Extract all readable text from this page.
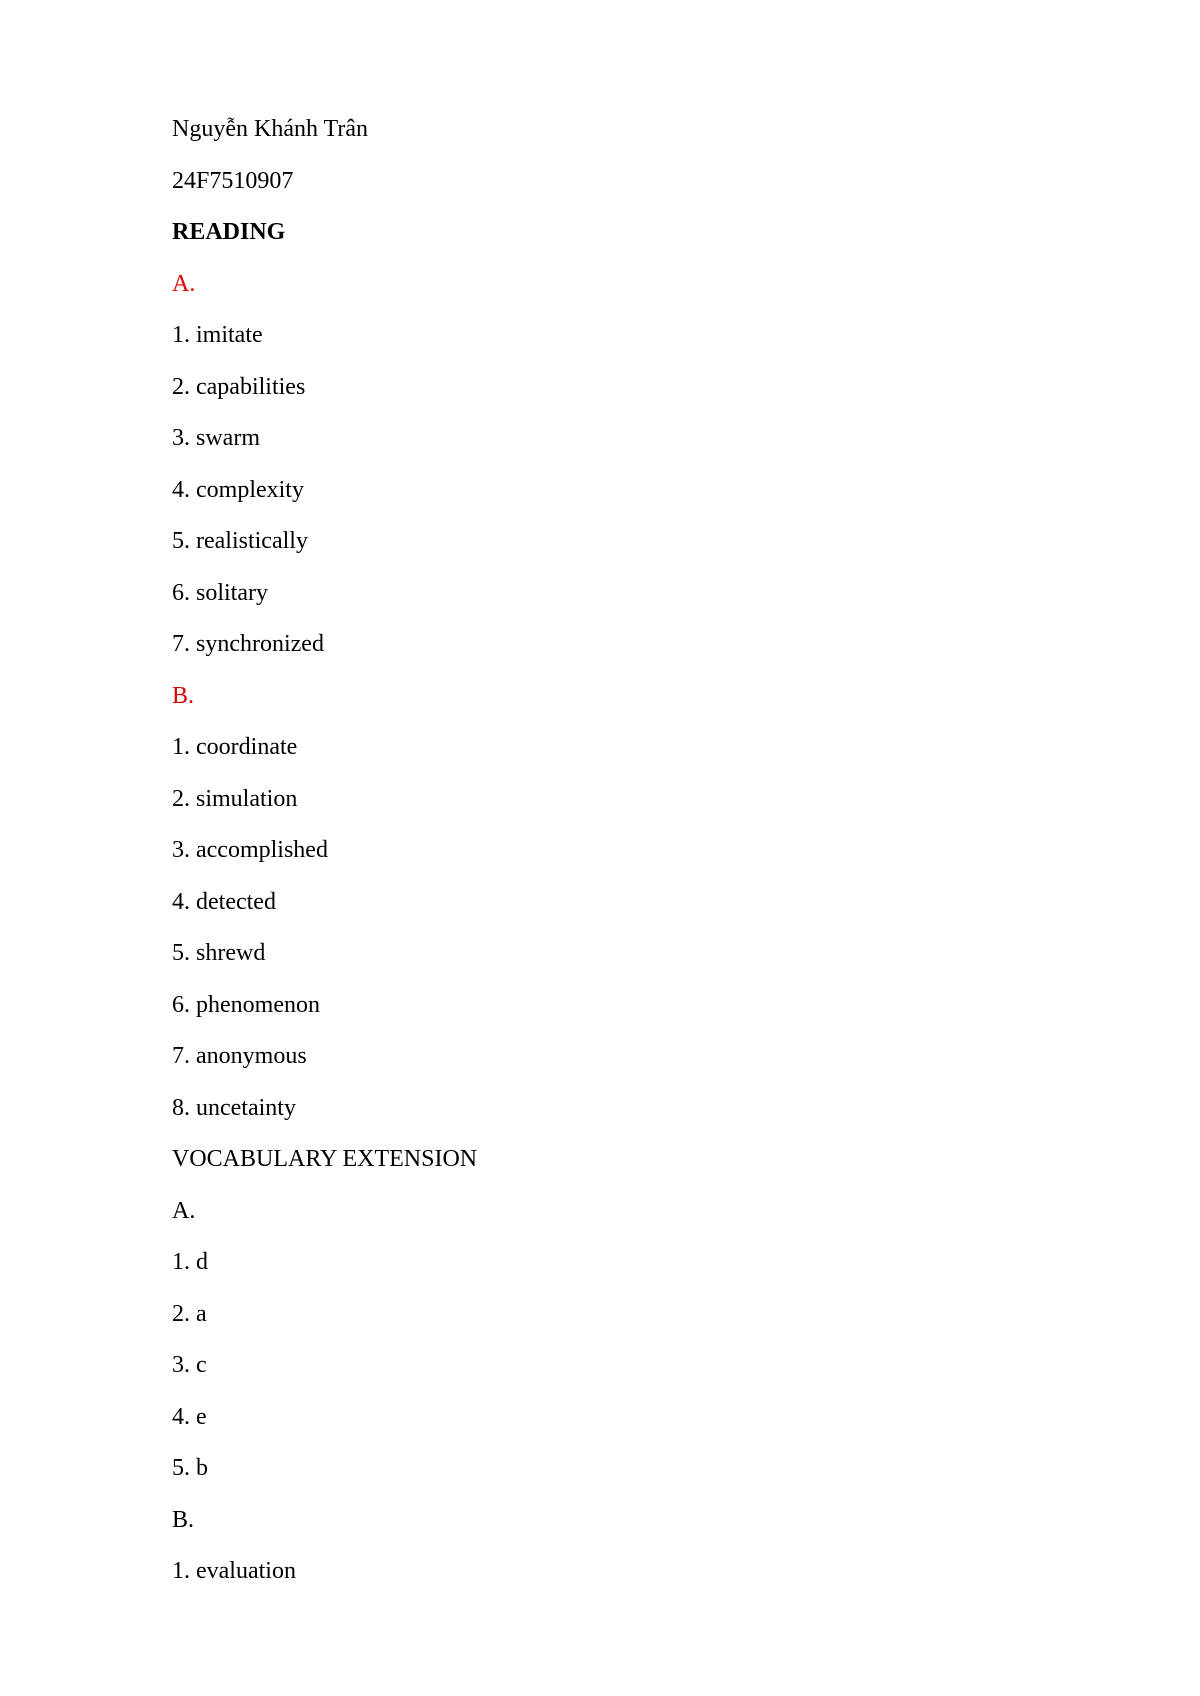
Nguyễn Khánh Trân
24F7510907
READING
A.
1. imitate
2. capabilities
3. swarm
4. complexity
5. realistically
6. solitary
7. synchronized
B.
1. coordinate
2. simulation
3. accomplished
4. detected
5. shrewd
6. phenomenon
7. anonymous
8. uncetainty
VOCABULARY EXTENSION
A.
1. d
2. a
3. c
4. e
5. b
B.
1. evaluation
